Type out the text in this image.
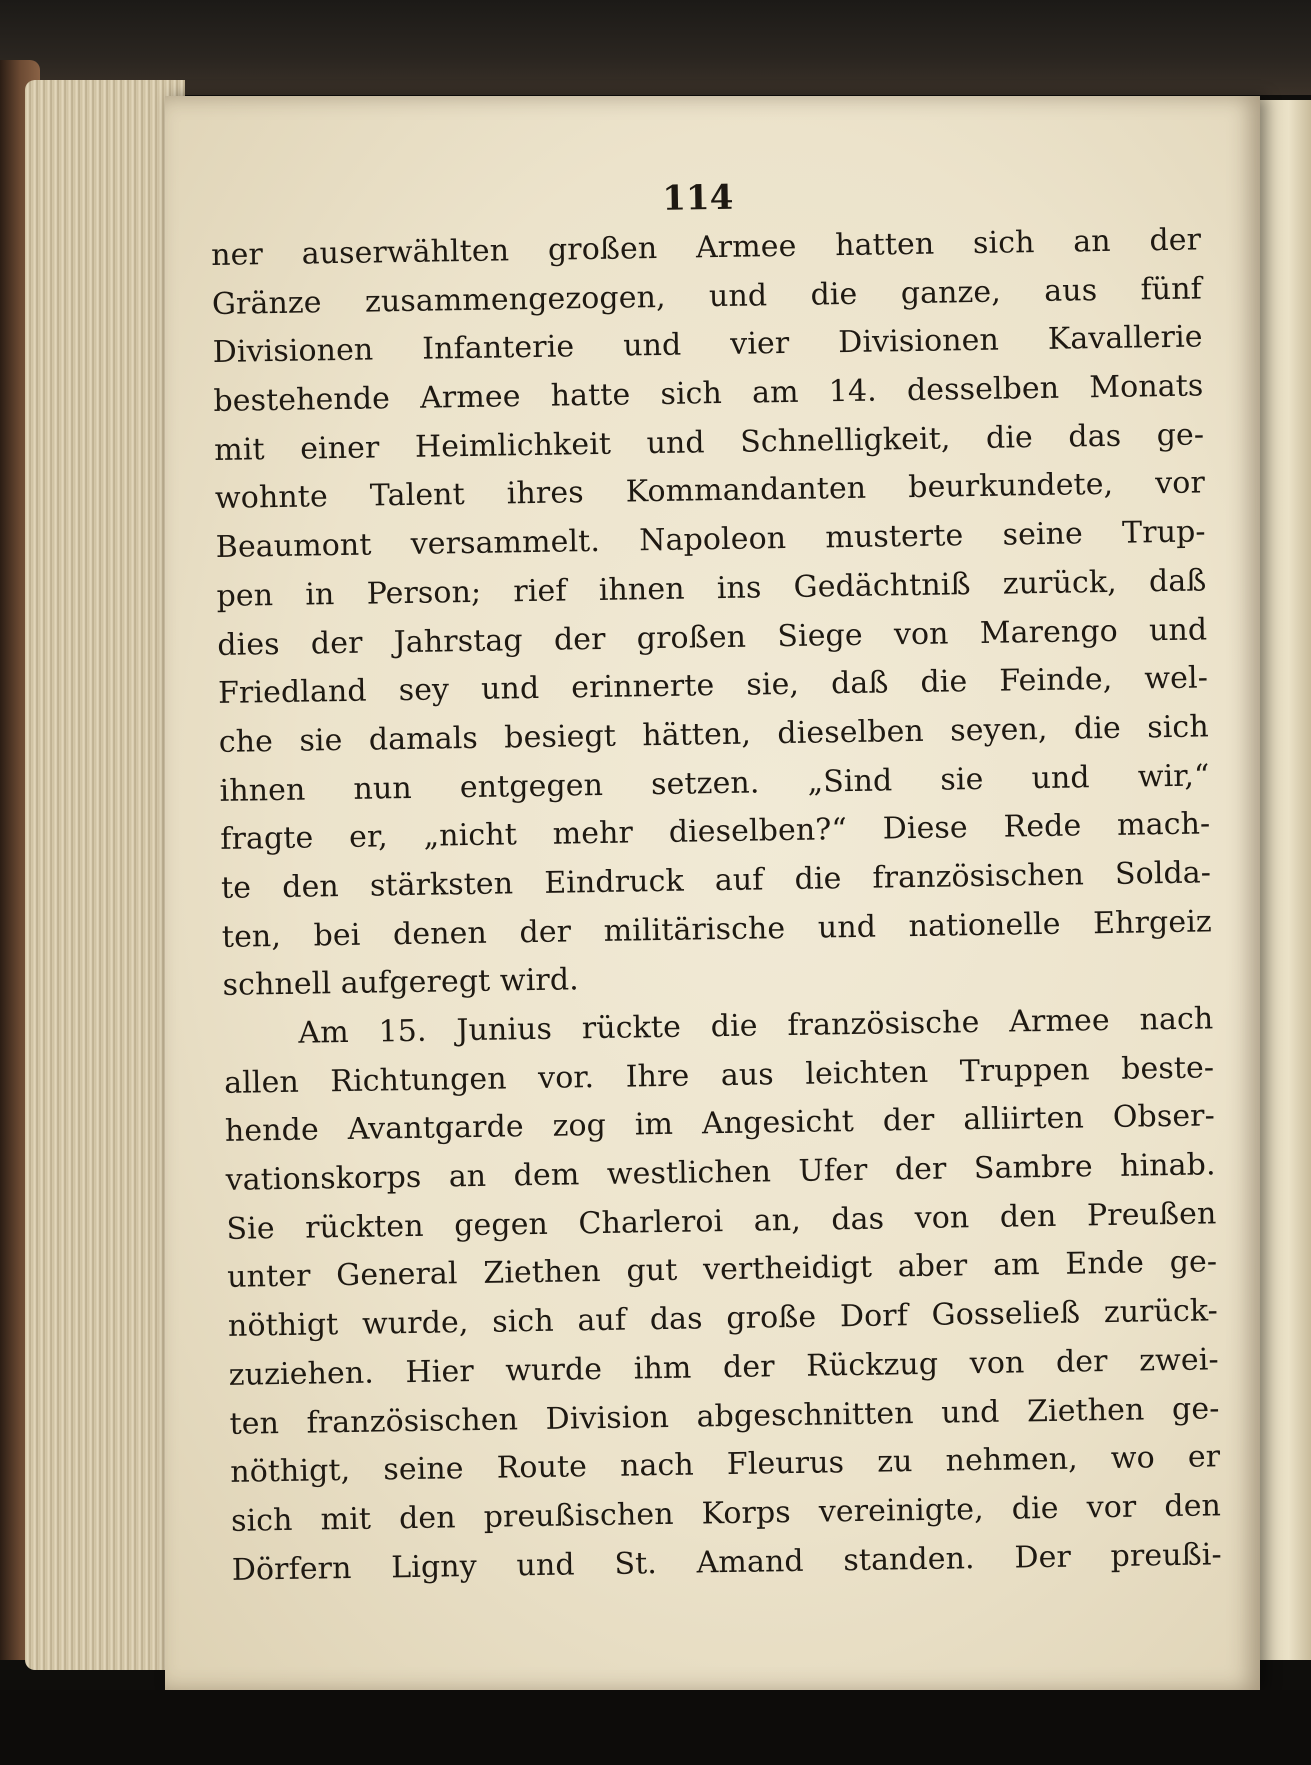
114
ner auserwählten großen Armee hatten sich an der
Gränze zusammengezogen, und die ganze, aus fünf
Divisionen Infanterie und vier Divisionen Kavallerie
bestehende Armee hatte sich am 14. desselben Monats
mit einer Heimlichkeit und Schnelligkeit, die das ge-
wohnte Talent ihres Kommandanten beurkundete, vor
Beaumont versammelt. Napoleon musterte seine Trup-
pen in Person; rief ihnen ins Gedächtniß zurück, daß
dies der Jahrstag der großen Siege von Marengo und
Friedland sey und erinnerte sie, daß die Feinde, wel-
che sie damals besiegt hätten, dieselben seyen, die sich
ihnen nun entgegen setzen. „Sind sie und wir,“
fragte er, „nicht mehr dieselben?“ Diese Rede mach-
te den stärksten Eindruck auf die französischen Solda-
ten, bei denen der militärische und nationelle Ehrgeiz
schnell aufgeregt wird.
Am 15. Junius rückte die französische Armee nach
allen Richtungen vor. Ihre aus leichten Truppen beste-
hende Avantgarde zog im Angesicht der alliirten Obser-
vationskorps an dem westlichen Ufer der Sambre hinab.
Sie rückten gegen Charleroi an, das von den Preußen
unter General Ziethen gut vertheidigt aber am Ende ge-
nöthigt wurde, sich auf das große Dorf Gosseließ zurück-
zuziehen. Hier wurde ihm der Rückzug von der zwei-
ten französischen Division abgeschnitten und Ziethen ge-
nöthigt, seine Route nach Fleurus zu nehmen, wo er
sich mit den preußischen Korps vereinigte, die vor den
Dörfern Ligny und St. Amand standen. Der preußi-
